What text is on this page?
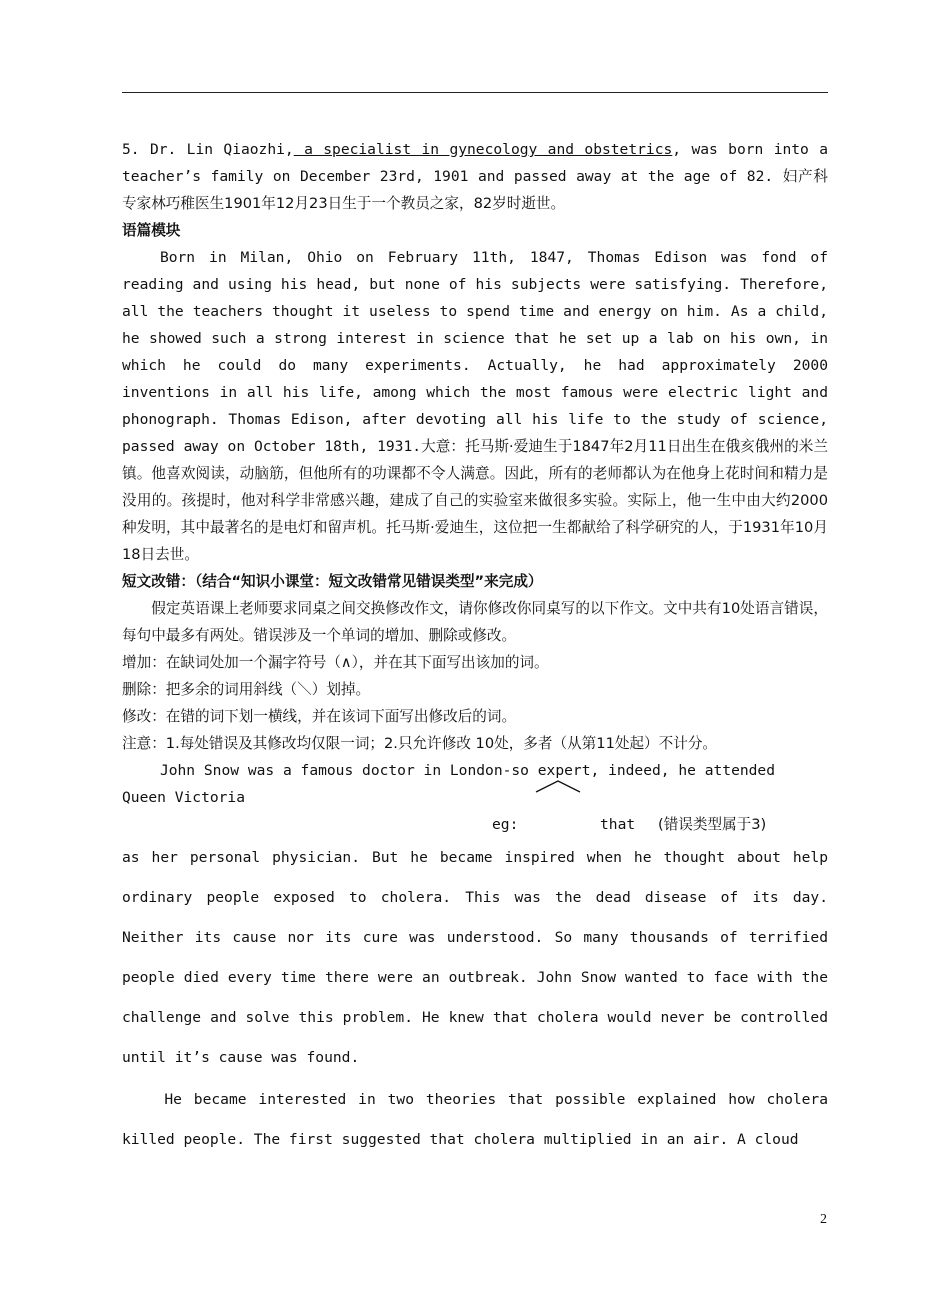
5. Dr. Lin Qiaozhi, a specialist in gynecology and obstetrics, was born into a teacher’s family on December 23rd, 1901 and passed away at the age of 82. 妇产科专家林巧稚医生1901年12月23日生于一个教员之家，82岁时逝世。

语篇模块

Born in Milan, Ohio on February 11th, 1847, Thomas Edison was fond of reading and using his head, but none of his subjects were satisfying. Therefore, all the teachers thought it useless to spend time and energy on him. As a child, he showed such a strong interest in science that he set up a lab on his own, in which he could do many experiments. Actually, he had approximately 2000 inventions in all his life, among which the most famous were electric light and phonograph. Thomas Edison, after devoting all his life to the study of science, passed away on October 18th, 1931.大意：托马斯·爱迪生于1847年2月11日出生在俄亥俄州的米兰镇。他喜欢阅读，动脑筋，但他所有的功课都不令人满意。因此，所有的老师都认为在他身上花时间和精力是没用的。孩提时，他对科学非常感兴趣，建成了自己的实验室来做很多实验。实际上，他一生中由大约2000种发明，其中最著名的是电灯和留声机。托马斯·爱迪生，这位把一生都献给了科学研究的人，于1931年10月18日去世。

短文改错：（结合“知识小课堂：短文改错常见错误类型”来完成）

假定英语课上老师要求同桌之间交换修改作文，请你修改你同桌写的以下作文。文中共有10处语言错误，每句中最多有两处。错误涉及一个单词的增加、删除或修改。

增加：在缺词处加一个漏字符号（∧），并在其下面写出该加的词。

删除：把多余的词用斜线（＼）划掉。

修改：在错的词下划一横线，并在该词下面写出修改后的词。

注意：1.每处错误及其修改均仅限一词；2.只允许修改 10处，多者（从第11处起）不计分。

John Snow was a famous doctor in London-so expert,
indeed, he attended

Queen Victoria

eg:	that (错误类型属于3)

as her personal physician. But he became inspired when he thought about help ordinary people exposed to cholera. This was the dead disease of its day. Neither its cause nor its cure was understood. So many thousands of terrified people died every time there were an outbreak. John Snow wanted to face with the challenge and solve this problem. He knew that cholera would never be controlled until it’s cause was found.

He became interested in two theories that possible explained how cholera killed people. The first suggested that cholera multiplied in an air. A cloud

2
